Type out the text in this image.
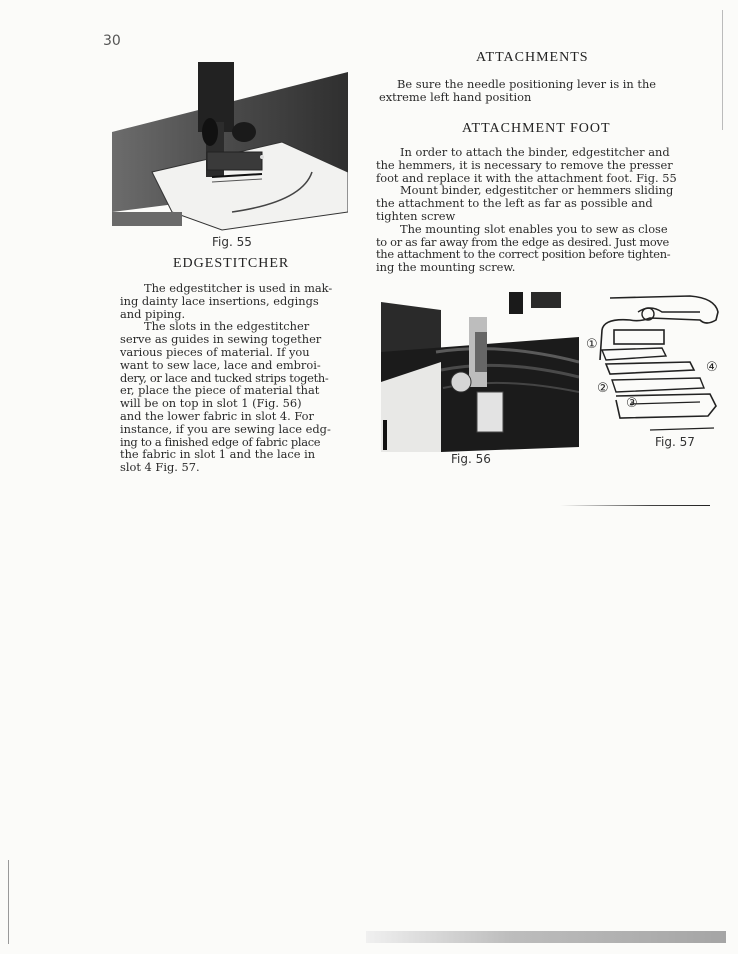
30
Fig. 55
EDGESTITCHER
The edgestitcher is used in mak-
ing dainty lace insertions, edgings
and piping.
The slots in the edgestitcher
serve as guides in sewing together
various pieces of material. If you
want to sew lace, lace and embroi-
dery, or lace and tucked strips togeth-
er, place the piece of material that
will be on top in slot 1 (Fig. 56)
and the lower fabric in slot 4. For
instance, if you are sewing lace edg-
ing to a finished edge of fabric place
the fabric in slot 1 and the lace in
slot 4 Fig. 57.
ATTACHMENTS
Be sure the needle positioning lever is in the
extreme left hand position
ATTACHMENT FOOT
In order to attach the binder, edgestitcher and
the hemmers, it is necessary to remove the presser
foot and replace it with the attachment foot. Fig. 55
Mount binder, edgestitcher or hemmers sliding
the attachment to the left as far as possible and
tighten screw
The mounting slot enables you to sew as close
to or as far away from the edge as desired. Just move
the attachment to the correct position before tighten-
ing the mounting screw.
Fig. 56
①
④
②
③
Fig. 57
